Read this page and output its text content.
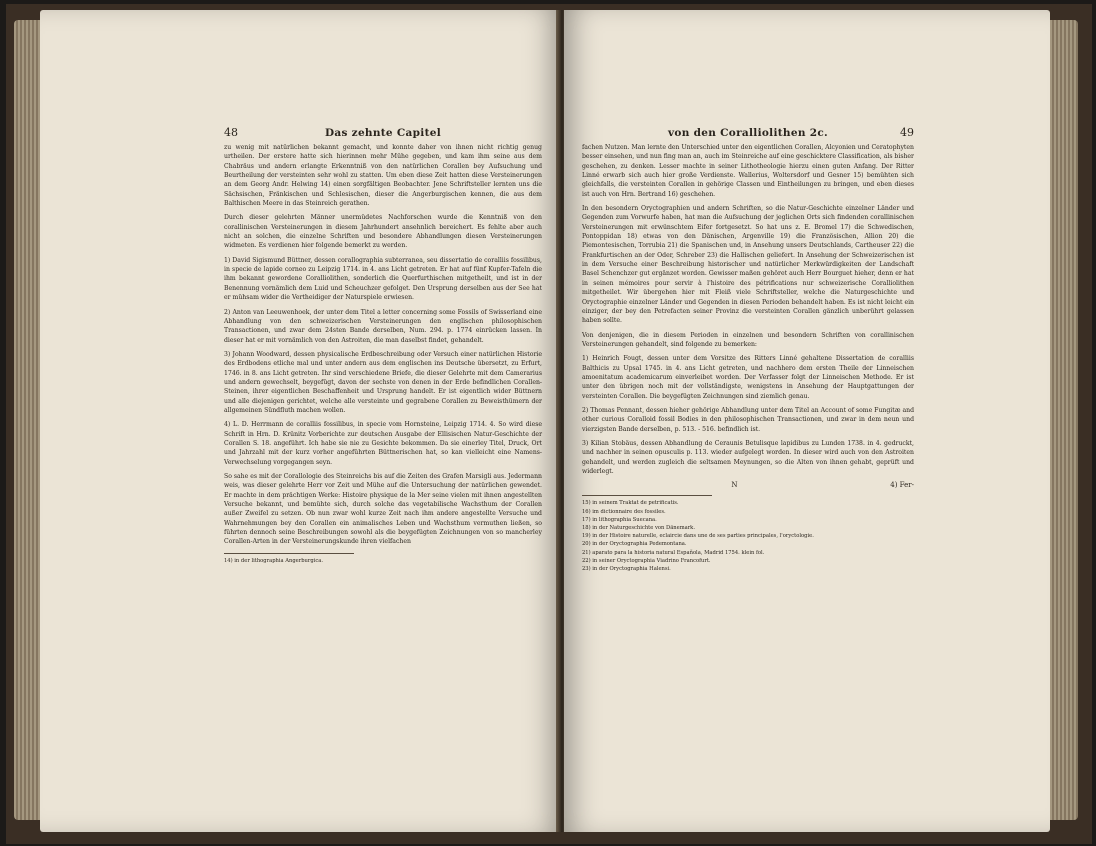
48	Das zehnte Capitel

zu wenig mit natürlichen bekannt gemacht, und konnte daher von ihnen nicht richtig genug urtheilen. Der erstere hatte sich hierinnen mehr Mühe gegeben, und kam ihm seine aus dem Chabräus und andern erlangte Erkenntniß von den natürlichen Corallen bey Aufsuchung und Beurtheilung der versteinten sehr wohl zu statten. Um eben diese Zeit hatten diese Versteinerungen an dem Georg Andr. Helwing 14) einen sorgfältigen Beobachter. Jene Schriftsteller lernten uns die Sächsischen, Fränkischen und Schlesischen, dieser die Angerburgischen kennen, die aus dem Balthischen Meere in das Steinreich gerathen.

Durch dieser gelehrten Männer unermüdetes Nachforschen wurde die Kenntniß von den corallinischen Versteinerungen in diesem Jahrhundert ansehnlich bereichert. Es fehlte aber auch nicht an solchen, die einzelne Schriften und besondere Abhandlungen diesen Versteinerungen widmeten. Es verdienen hier folgende bemerkt zu werden.

1) David Sigismund Büttner, dessen corallographia subterranea, seu dissertatio de coralliis fossilibus, in specie de lapide corneo zu Leipzig 1714. in 4. ans Licht getreten. Er hat auf fünf Kupfer-Tafeln die ihm bekannt gewordene Coralliolithen, sonderlich die Querfurthischen mitgetheilt, und ist in der Benennung vornämlich dem Luid und Scheuchzer gefolget. Den Ursprung derselben aus der See hat er mühsam wider die Vertheidiger der Naturspiele erwiesen.

2) Anton van Leeuwenhoek, der unter dem Titel a letter concerning some Fossils of Swisserland eine Abhandlung von den schweizerischen Versteinerungen den englischen philosophischen Transactionen, und zwar dem 24sten Bande derselben, Num. 294. p. 1774 einrücken lassen. In dieser hat er mit vornämlich von den Astroiten, die man daselbst findet, gehandelt.

3) Johann Woodward, dessen physicalische Erdbeschreibung oder Versuch einer natürlichen Historie des Erdbodens etliche mal und unter andern aus dem englischen ins Deutsche übersetzt, zu Erfurt, 1746. in 8. ans Licht getreten. Ihr sind verschiedene Briefe, die dieser Gelehrte mit dem Camerarius und andern gewechselt, beygefügt, davon der sechste von denen in der Erde befindlichen Corallen-Steinen, ihrer eigentlichen Beschaffenheit und Ursprung handelt. Er ist eigentlich wider Büttnern und alle diejenigen gerichtet, welche alle versteinte und gegrabene Corallen zu Beweisthümern der allgemeinen Sündfluth machen wollen.

4) L. D. Herrmann de coralliis fossilibus, in specie vom Hornsteine, Leipzig 1714. 4. So wird diese Schrift in Hrn. D. Krünitz Vorberichte zur deutschen Ausgabe der Ellisischen Natur-Geschichte der Corallen S. 18. angeführt. Ich habe sie nie zu Gesichte bekommen. Da sie einerley Titel, Druck, Ort und Jahrzahl mit der kurz vorher angeführten Büttnerischen hat, so kan vielleicht eine Namens-Verwechselung vorgegangen seyn.

So sahe es mit der Corallologie des Steinreichs bis auf die Zeiten des Grafen Marsigli aus. Jedermann weis, was dieser gelehrte Herr vor Zeit und Mühe auf die Untersuchung der natürlichen gewendet. Er machte in dem prächtigen Werke: Histoire physique de la Mer seine vielen mit ihnen angestellten Versuche bekannt, und bemühte sich, durch solche das vegetabilische Wachsthum der Corallen außer Zweifel zu setzen. Ob nun zwar wohl kurze Zeit nach ihm andere angestellte Versuche und Wahrnehmungen bey den Corallen ein animalisches Leben und Wachsthum vermuthen ließen, so führten dennoch seine Beschreibungen sowohl als die beygefügten Zeichnungen von so mancherley Corallen-Arten in der Versteinerungskunde ihren vielfachen

14) in der lithographia Angerburgica.

von den Coralliolithen 2c.	49

fachen Nutzen. Man lernte den Unterschied unter den eigentlichen Corallen, Alcyonien und Ceratophyten besser einsehen, und nun fing man an, auch im Steinreiche auf eine geschicktere Classification, als bisher geschehen, zu denken. Lesser machte in seiner Lithotheologie hierzu einen guten Anfang. Der Ritter Linné erwarb sich auch hier große Verdienste. Wallerius, Woltersdorf und Gesner 15) bemühten sich gleichfalls, die versteinten Corallen in gehörige Classen und Eintheilungen zu bringen, und eben dieses ist auch von Hrn. Bertrand 16) geschehen.

In den besondern Oryctographien und andern Schriften, so die Natur-Geschichte einzelner Länder und Gegenden zum Vorwurfe haben, hat man die Aufsuchung der jeglichen Orts sich findenden corallinischen Versteinerungen mit erwünschtem Eifer fortgesetzt. So hat uns z. E. Bromel 17) die Schwedischen, Pontoppidan 18) etwas von den Dänischen, Argenville 19) die Französischen, Allion 20) die Piemontesischen, Torrubia 21) die Spanischen und, in Ansehung unsers Deutschlands, Cartheuser 22) die Frankfurtischen an der Oder, Schreber 23) die Hallischen geliefert. In Ansehung der Schweizerischen ist in dem Versuche einer Beschreibung historischer und natürlicher Merkwürdigkeiten der Landschaft Basel Schenchzer gut ergänzet worden. Gewisser maßen gehöret auch Herr Bourguet hieher, denn er hat in seinen mémoires pour servir à l'histoire des pétrifications nur schweizerische Coralliolithen mitgetheilet. Wir übergehen hier mit Fleiß viele Schriftsteller, welche die Naturgeschichte und Oryctographie einzelner Länder und Gegenden in diesen Perioden behandelt haben. Es ist nicht leicht ein einziger, der bey den Petrefacten seiner Provinz die versteinten Corallen gänzlich unberührt gelassen haben sollte.

Von denjenigen, die in diesem Perioden in einzelnen und besondern Schriften von corallinischen Versteinerungen gehandelt, sind folgende zu bemerken:

1) Heinrich Fougt, dessen unter dem Vorsitze des Ritters Linné gehaltene Dissertation de coralliis Balthicis zu Upsal 1745. in 4. ans Licht getreten, und nachhero dem ersten Theile der Linneischen amoenitatum academicarum einverleibet worden. Der Verfasser folgt der Linneischen Methode. Er ist unter den übrigen noch mit der vollständigste, wenigstens in Ansehung der Hauptgattungen der versteinten Corallen. Die beygefügten Zeichnungen sind ziemlich genau.

2) Thomas Pennant, dessen hieher gehörige Abhandlung unter dem Titel an Account of some Fungitæ and other curious Coralloid fossil Bodies in den philosophischen Transactionen, und zwar in dem neun und vierzigsten Bande derselben, p. 513. - 516. befindlich ist.

3) Kilian Stobäus, dessen Abhandlung de Ceraunis Betulisque lapidibus zu Lunden 1738. in 4. gedruckt, und nachher in seinen opusculis p. 113. wieder aufgelegt worden. In dieser wird auch von den Astroiten gehandelt, und werden zugleich die seltsamen Meynungen, so die Alten von ihnen gehabt, geprüft und widerlegt.

N	4) Fer-

15) in seinem Traktat de petrificatis.

16) im dictionnaire des fossiles.

17) in lithographia Suecana.

18) in der Naturgeschichte von Dänemark.

19) in der Histoire naturelle, eclaircie dans une de ses parties principales, l'oryctologie.

20) in der Oryctographia Pedemontana.

21) aparato para la historia natural Española, Madrid 1754. klein fol.

22) in seiner Oryctographia Viadrino Francofurt.

23) in der Oryctographia Halensi.
